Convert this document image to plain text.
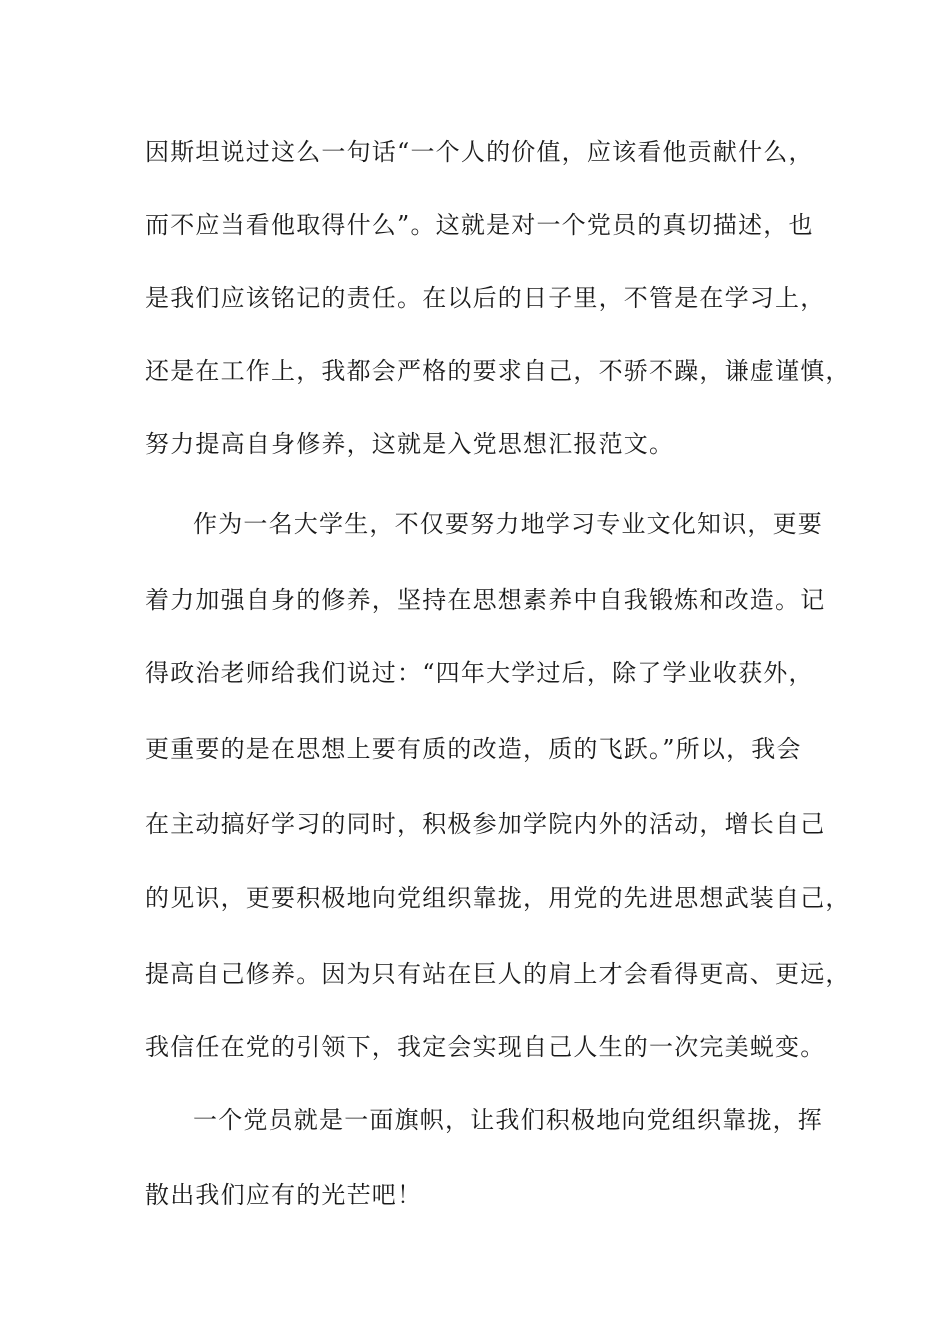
因斯坦说过这么一句话“一个人的价值，应该看他贡献什么，
而不应当看他取得什么”。这就是对一个党员的真切描述，也
是我们应该铭记的责任。在以后的日子里，不管是在学习上，
还是在工作上，我都会严格的要求自己，不骄不躁，谦虚谨慎，
努力提高自身修养，这就是入党思想汇报范文。
作为一名大学生，不仅要努力地学习专业文化知识，更要
着力加强自身的修养，坚持在思想素养中自我锻炼和改造。记
得政治老师给我们说过：“四年大学过后，除了学业收获外，
更重要的是在思想上要有质的改造，质的飞跃。”所以，我会
在主动搞好学习的同时，积极参加学院内外的活动，增长自己
的见识，更要积极地向党组织靠拢，用党的先进思想武装自己，
提高自己修养。因为只有站在巨人的肩上才会看得更高、更远，
我信任在党的引领下，我定会实现自己人生的一次完美蜕变。
一个党员就是一面旗帜，让我们积极地向党组织靠拢，挥
散出我们应有的光芒吧！
